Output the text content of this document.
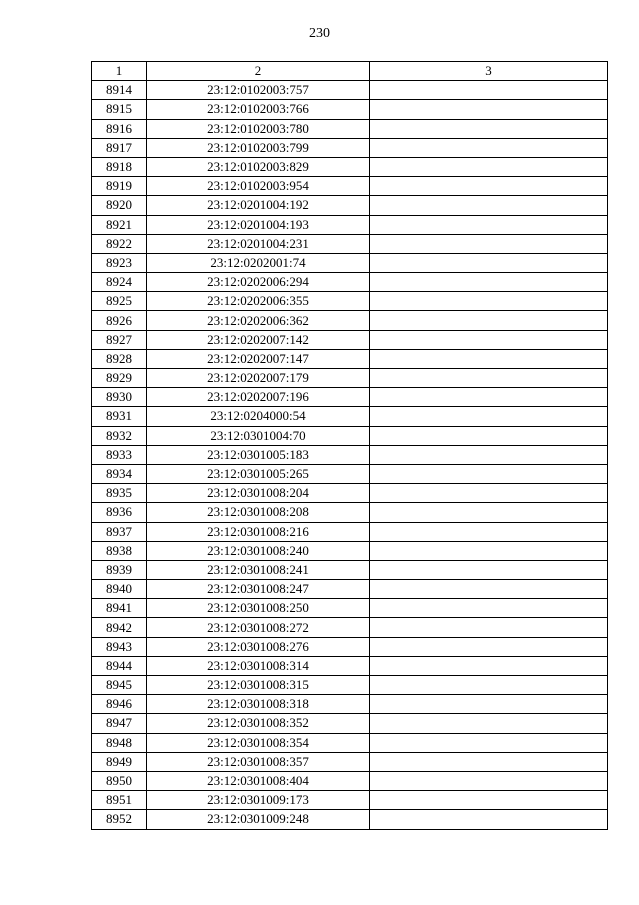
230
1	2	3
8914	23:12:0102003:757	
8915	23:12:0102003:766	
8916	23:12:0102003:780	
8917	23:12:0102003:799	
8918	23:12:0102003:829	
8919	23:12:0102003:954	
8920	23:12:0201004:192	
8921	23:12:0201004:193	
8922	23:12:0201004:231	
8923	23:12:0202001:74	
8924	23:12:0202006:294	
8925	23:12:0202006:355	
8926	23:12:0202006:362	
8927	23:12:0202007:142	
8928	23:12:0202007:147	
8929	23:12:0202007:179	
8930	23:12:0202007:196	
8931	23:12:0204000:54	
8932	23:12:0301004:70	
8933	23:12:0301005:183	
8934	23:12:0301005:265	
8935	23:12:0301008:204	
8936	23:12:0301008:208	
8937	23:12:0301008:216	
8938	23:12:0301008:240	
8939	23:12:0301008:241	
8940	23:12:0301008:247	
8941	23:12:0301008:250	
8942	23:12:0301008:272	
8943	23:12:0301008:276	
8944	23:12:0301008:314	
8945	23:12:0301008:315	
8946	23:12:0301008:318	
8947	23:12:0301008:352	
8948	23:12:0301008:354	
8949	23:12:0301008:357	
8950	23:12:0301008:404	
8951	23:12:0301009:173	
8952	23:12:0301009:248	
